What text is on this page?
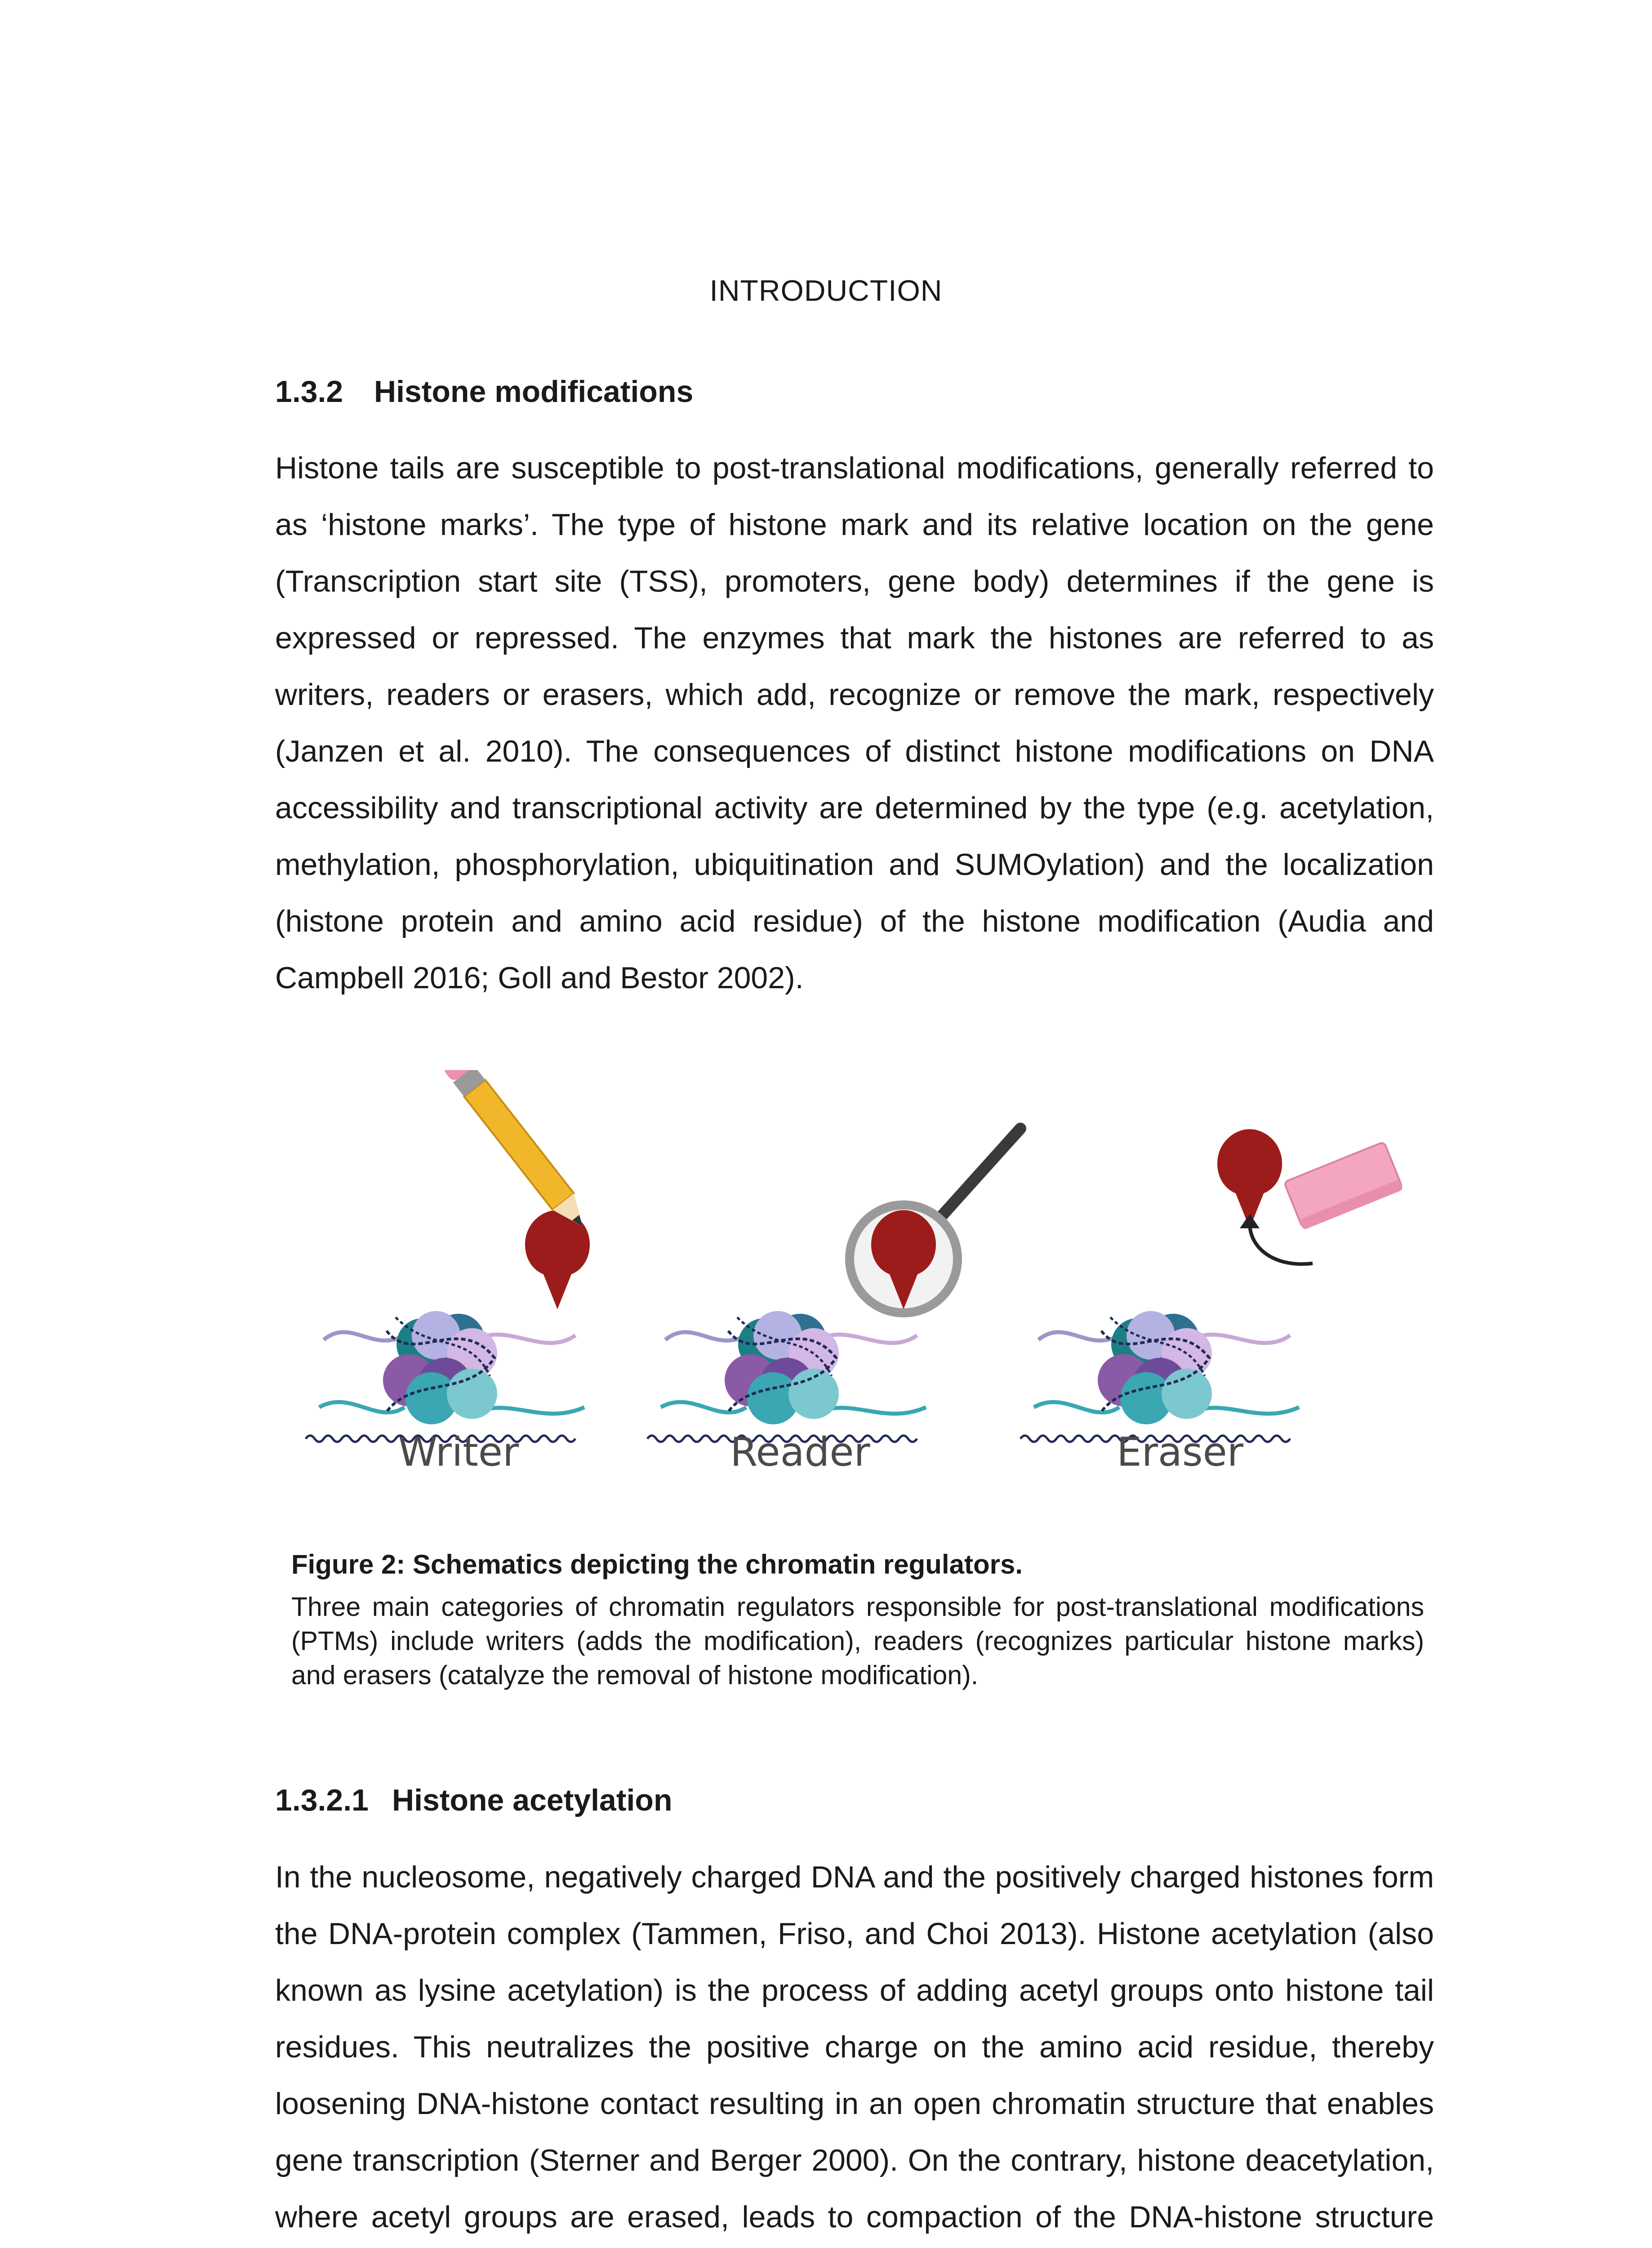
INTRODUCTION
1.3.2 Histone modifications

Histone tails are susceptible to post-translational modifications, generally referred to as ‘histone marks’. The type of histone mark and its relative location on the gene (Transcription start site (TSS), promoters, gene body) determines if the gene is expressed or repressed. The enzymes that mark the histones are referred to as writers, readers or erasers, which add, recognize or remove the mark, respectively (Janzen et al. 2010). The consequences of distinct histone modifications on DNA accessibility and transcriptional activity are determined by the type (e.g. acetylation, methylation, phosphorylation, ubiquitination and SUMOylation) and the localization (histone protein and amino acid residue) of the histone modification (Audia and Campbell 2016; Goll and Bestor 2002).

Writer	Reader	Eraser

Figure 2: Schematics depicting the chromatin regulators.

Three main categories of chromatin regulators responsible for post-translational modifications (PTMs) include writers (adds the modification), readers (recognizes particular histone marks) and erasers (catalyze the removal of histone modification).

1.3.2.1 Histone acetylation

In the nucleosome, negatively charged DNA and the positively charged histones form the DNA-protein complex (Tammen, Friso, and Choi 2013). Histone acetylation (also known as lysine acetylation) is the process of adding acetyl groups onto histone tail residues. This neutralizes the positive charge on the amino acid residue, thereby loosening DNA-histone contact resulting in an open chromatin structure that enables gene transcription (Sterner and Berger 2000). On the contrary, histone deacetylation, where acetyl groups are erased, leads to compaction of the DNA-histone structure
